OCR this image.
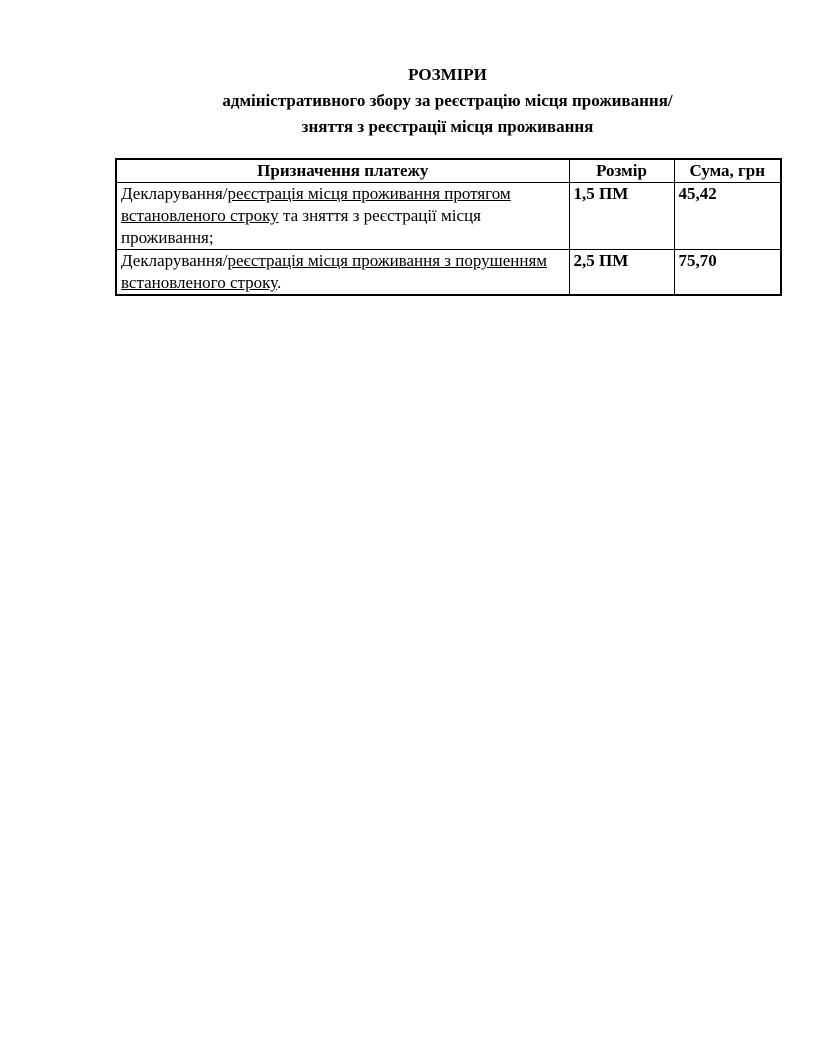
РОЗМІРИ
адміністративного збору за реєстрацію місця проживання/
зняття з реєстрації місця проживання
Призначення платежу	Розмір	Сума, грн
Декларування/реєстрація місця проживання протягом встановленого строку та зняття з реєстрації місця проживання;	1,5 ПМ	45,42
Декларування/реєстрація місця проживання з порушенням встановленого строку.	2,5 ПМ	75,70
